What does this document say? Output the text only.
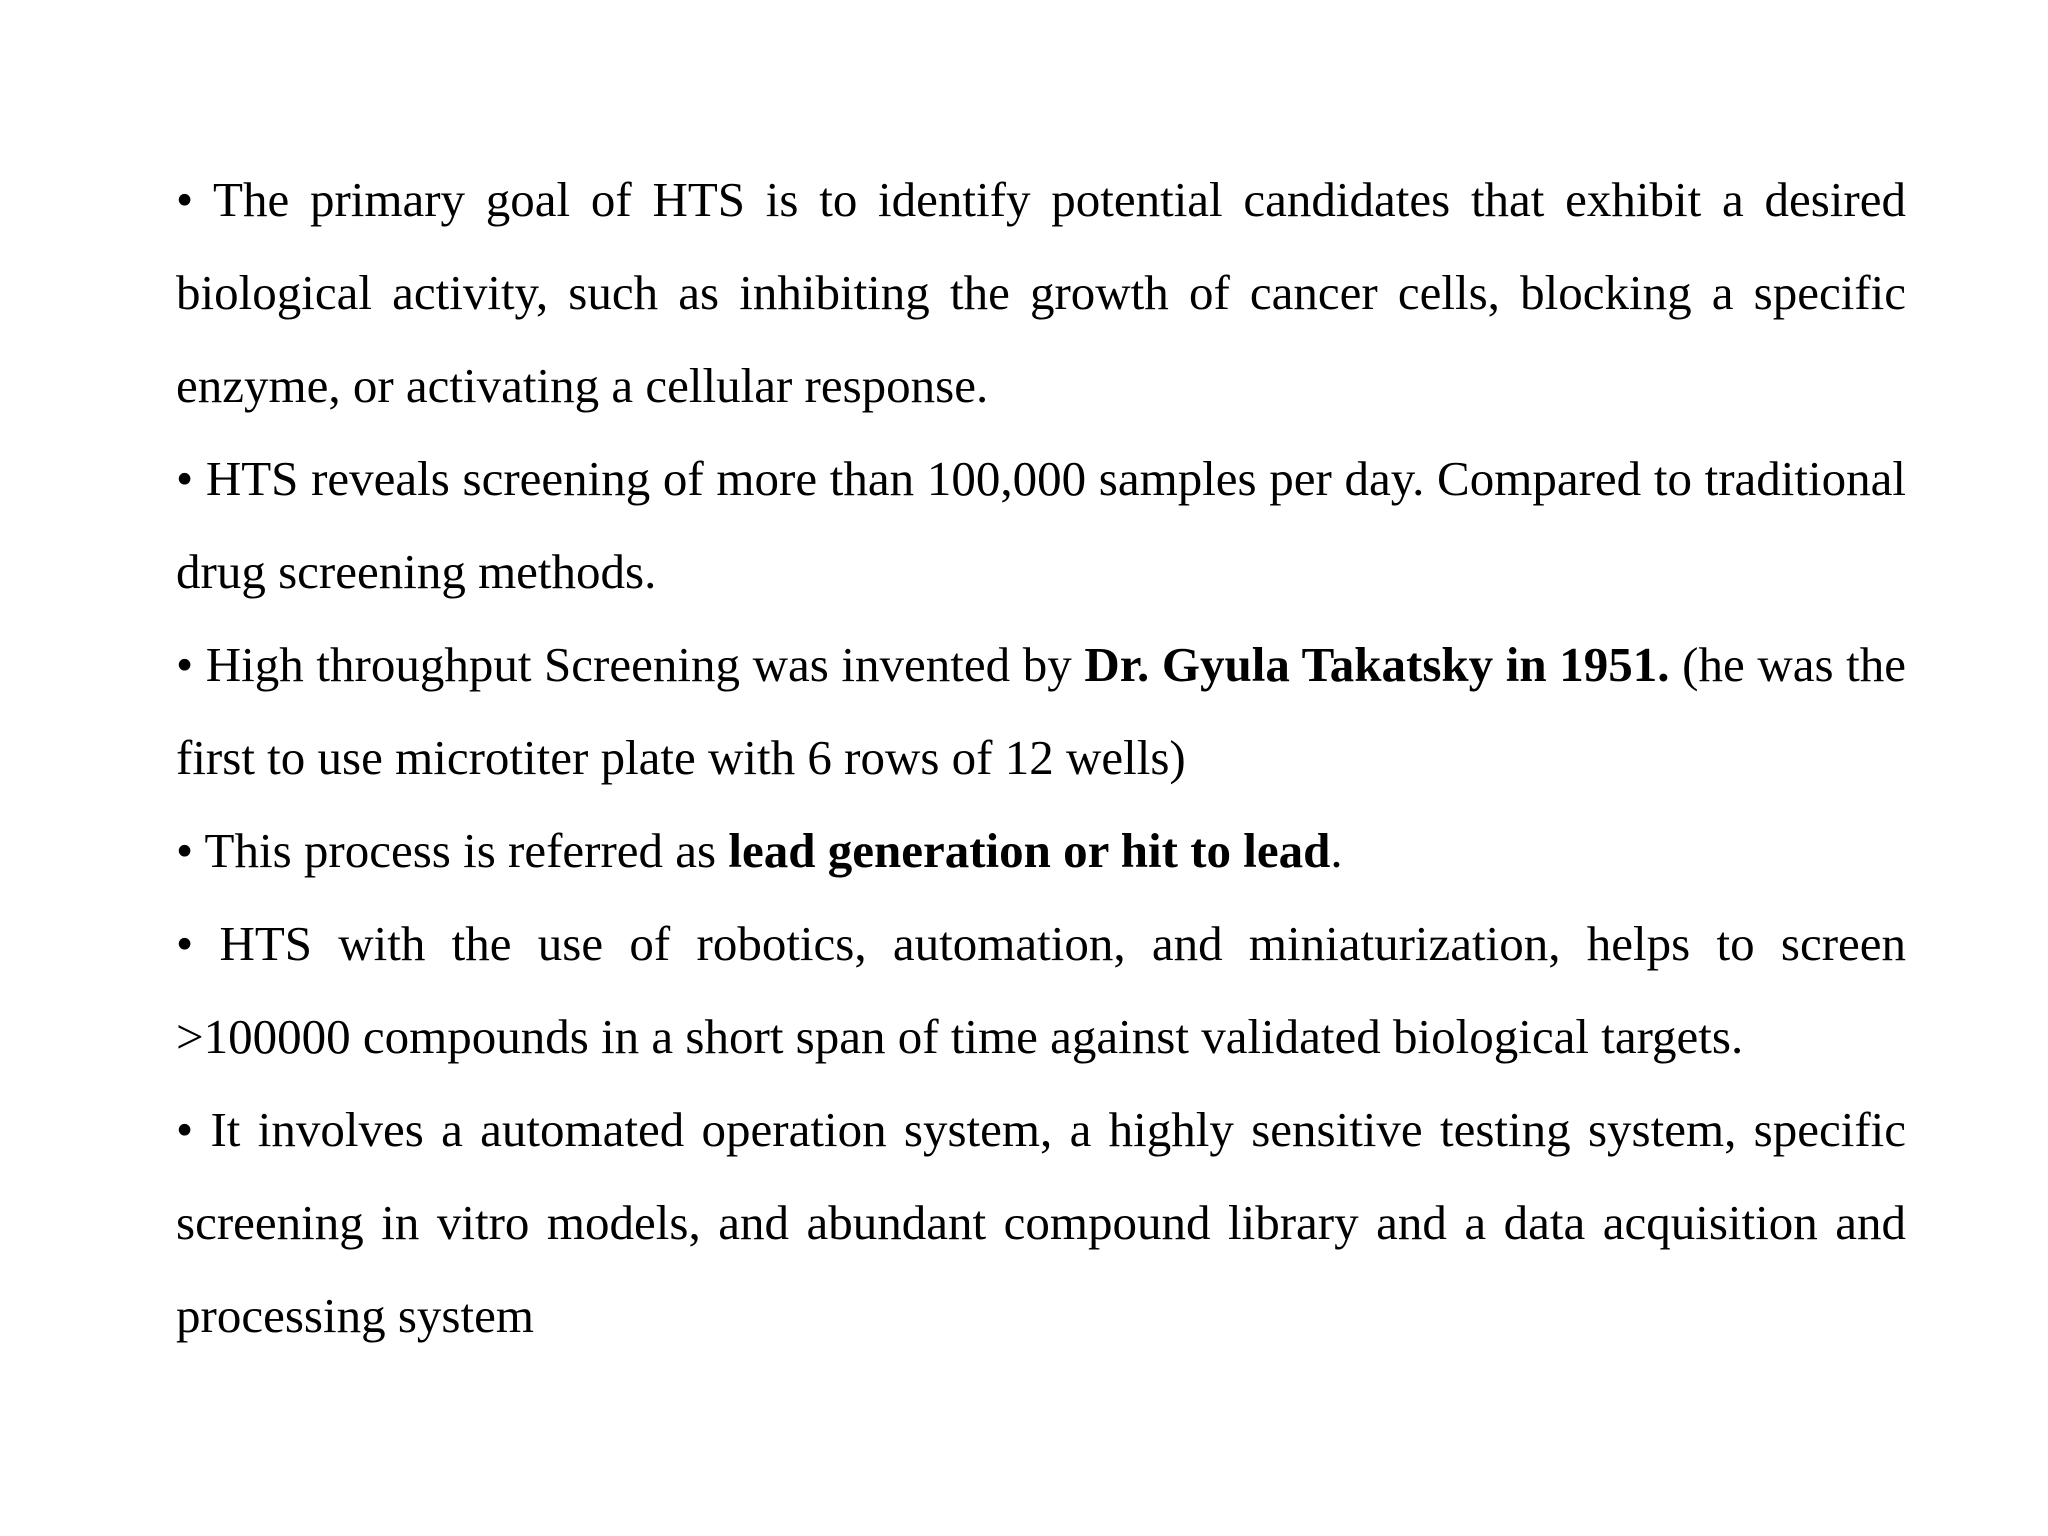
• The primary goal of HTS is to identify potential candidates that exhibit a desired biological activity, such as inhibiting the growth of cancer cells, blocking a specific enzyme, or activating a cellular response.

• HTS reveals screening of more than 100,000 samples per day. Compared to traditional drug screening methods.

• High throughput Screening was invented by Dr. Gyula Takatsky in 1951. (he was the first to use microtiter plate with 6 rows of 12 wells)

• This process is referred as lead generation or hit to lead.

• HTS with the use of robotics, automation, and miniaturization, helps to screen >100000 compounds in a short span of time against validated biological targets.

• It involves a automated operation system, a highly sensitive testing system, specific screening in vitro models, and abundant compound library and a data acquisition and processing system
